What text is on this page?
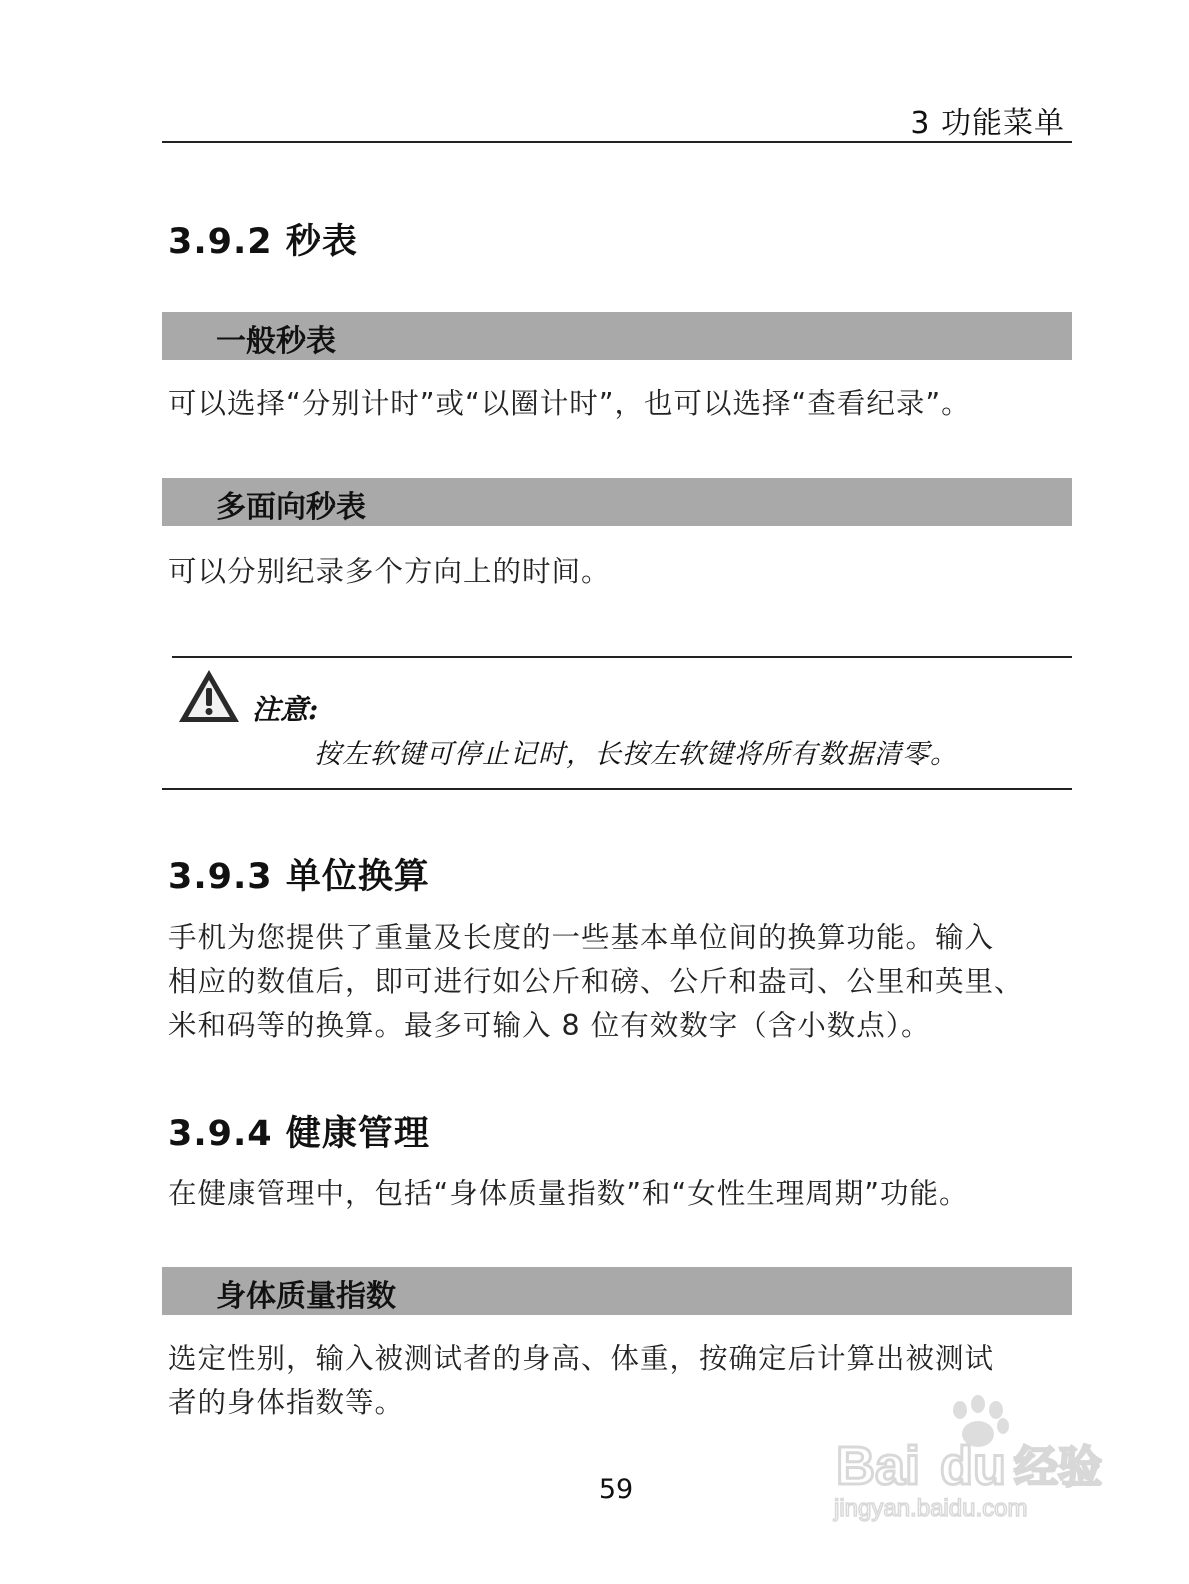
3 功能菜单
3.9.2 秒表
一般秒表
可以选择“分别计时”或“以圈计时”，也可以选择“查看纪录”。
多面向秒表
可以分别纪录多个方向上的时间。
注意:
按左软键可停止记时，长按左软键将所有数据清零。
3.9.3 单位换算
手机为您提供了重量及长度的一些基本单位间的换算功能。输入
相应的数值后，即可进行如公斤和磅、公斤和盎司、公里和英里、
米和码等的换算。最多可输入 8 位有效数字（含小数点）。
3.9.4 健康管理
在健康管理中，包括“身体质量指数”和“女性生理周期”功能。
身体质量指数
选定性别，输入被测试者的身高、体重，按确定后计算出被测试
者的身体指数等。
59	Bai du 经验
jingyan.baidu.com
